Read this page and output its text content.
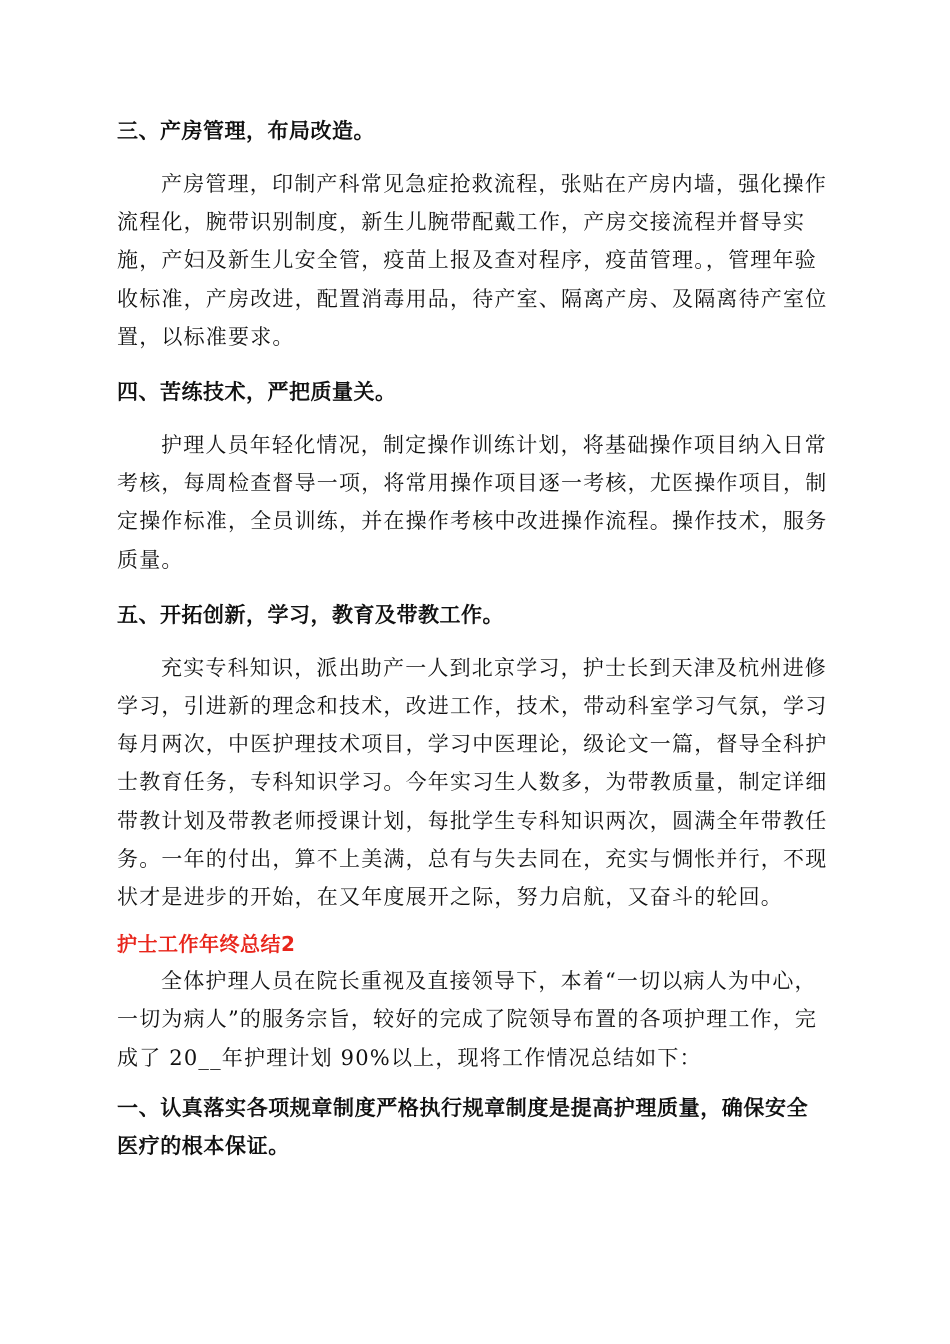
三、产房管理，布局改造。

产房管理，印制产科常见急症抢救流程，张贴在产房内墙，强化操作
流程化，腕带识别制度，新生儿腕带配戴工作，产房交接流程并督导实
施，产妇及新生儿安全管，疫苗上报及查对程序，疫苗管理。，管理年验
收标准，产房改进，配置消毒用品，待产室、隔离产房、及隔离待产室位
置，以标准要求。

四、苦练技术，严把质量关。

护理人员年轻化情况，制定操作训练计划，将基础操作项目纳入日常
考核，每周检查督导一项，将常用操作项目逐一考核，尤医操作项目，制
定操作标准，全员训练，并在操作考核中改进操作流程。操作技术，服务
质量。

五、开拓创新，学习，教育及带教工作。

充实专科知识，派出助产一人到北京学习，护士长到天津及杭州进修
学习，引进新的理念和技术，改进工作，技术，带动科室学习气氛，学习
每月两次，中医护理技术项目，学习中医理论，级论文一篇，督导全科护
士教育任务，专科知识学习。今年实习生人数多，为带教质量，制定详细
带教计划及带教老师授课计划，每批学生专科知识两次，圆满全年带教任
务。一年的付出，算不上美满，总有与失去同在，充实与惆怅并行，不现
状才是进步的开始，在又年度展开之际，努力启航，又奋斗的轮回。

护士工作年终总结2

全体护理人员在院长重视及直接领导下，本着“一切以病人为中心，
一切为病人”的服务宗旨，较好的完成了院领导布置的各项护理工作，完
成了 20__年护理计划 90%以上，现将工作情况总结如下：
一、认真落实各项规章制度严格执行规章制度是提高护理质量，确保安全
医疗的根本保证。
